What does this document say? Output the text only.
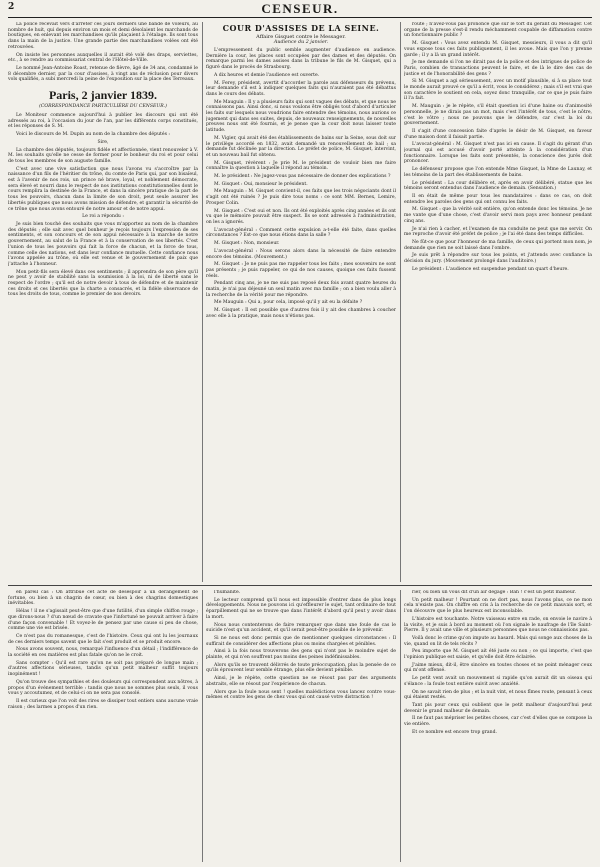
2	CENSEUR.

La police recevait vers d'arrêter ces jours derniers une bande de voleurs, au nombre de huit, qui depuis environ un mois et demi désolaient les marchands de boutiques, en enlevant les marchandises qu'ils plaçaient à l'étalage. Ils sont tous dans la main de la justice. Une grande partie des marchandises volées ont été retrouvées.

On insiste les personnes auxquelles il aurait été volé des draps, serviettes, etc., à se rendre au commissariat central de l'Hôtel-de-Ville.

Le nommé Jean-Antoine Roast, retenue de fièvre, âgé de 34 ans, condamné le 8 décembre dernier, par la cour d'assises, à vingt ans de réclusion pour divers vols qualifiés, a subi mercredi la peine de l'exposition sur la place des Terreaux.

Paris, 2 janvier 1839.
(CORRESPONDANCE PARTICULIÈRE DU CENSEUR.)

Le Moniteur commence aujourd'hui à publier les discours qui ont été adressés au roi, à l'occasion du jour de l'an, par les différents corps constitués, et les réponses de S. M.

Voici le discours de M. Dupin au nom de la chambre des députés :

Sire,

La chambre des députés, toujours fidèle et affectionnée, vient renouveler à V. M. les souhaits qu'elle ne cesse de former pour le bonheur du roi et pour celui de tous les membres de son auguste famille.

C'est avec une vive satisfaction que nous l'avons vu s'accroître par la naissance d'un fils de l'héritier du trône, du comte de Paris qui, par son bisaïeul, est à l'avenir de nos rois, un prince né brave, loyal, et noblement démocrate, sera élevé et nourri dans le respect de nos institutions constitutionnelles dont le cours remplira la destinée de la France, et dans la sincère pratique de la part de tous les pouvoirs, chacun dans la limite de son droit, peut seule assurer les libertés publiques que nous avons mission de défendre, et garantir la sécurité de ce trône que nous avons entouré de notre amour et de notre appui.

Le roi a répondu :

Je suis bien touché des souhaits que vous m'apportez au nom de la chambre des députés ; elle sait avec quel bonheur je reçois toujours l'expression de ses sentiments, et son concours et de son appui nécessaire à la marche de notre gouvernement, au salut de la France et à la conservation de ses libertés. C'est l'union de tous les pouvoirs qui fait la force de chacun, et la force de tous, comme celle des nations, est dans leur confiance mutuelle. Cette confiance nous l'avons appelée au trône, où elle est venue et le gouvernement de paix que j'attache à l'honneur.

Mon petit-fils sera élevé dans ces sentiments ; il apprendra de son père qu'il ne peut y avoir de stabilité sans la soumission à la loi, ni de liberté sans le respect de l'ordre ; qu'il est de notre devoir à tous de défendre et de maintenir ces droits et ces libertés que la charte a consacrés, et la fidèle observance de tous les droits de tous, comme le premier de nos devoirs.

COUR D'ASSISES DE LA SEINE.
Affaire Gisquet contre le Messager.
Audience du 2 janvier.

L'empressement du public semble augmenter d'audience en audience. Dernière la cour, les places sont occupées par des dames et des députés. On remarque parmi les dames assises dans la tribune le fils de M. Gisquet, qui a figuré dans le procès de Strasbourg.

A dix heures et demie l'audience est ouverte.

M. Ferey, président, avertit d'accorder la parole aux défenseurs du prévenu, leur demande s'il est à indiquer quelques faits qui n'auraient pas été débattus dans le cours des débats.

Me Mauguin : Il y a plusieurs faits qui sont vagues des débats, et que nous ne connaissons pas. Ainsi donc, si nous voulons être obligés tout d'abord d'articuler les faits sur lesquels nous voudrions faire entendre des témoins, nous aurions ce jugement qui dans ses suites, depuis, de nouveaux renseignements, de nouvelles preuves nous ont été fournis, et je pense que la cour doit nous laisser toute latitude.

M. Vigier, qui avait été des établissements de bains sur la Seine, sous doit sur le privilège accordé en 1832, avait demandé un renouvellement de bail ; sa demande fut déclinée par la direction. Le préfet de police, M. Gisquet, intervint, et un nouveau bail fut obtenu.

M. Gisquet, révèrent : Je prie M. le président de vouloir bien me faire connaître la question à laquelle il répond au témoin.

M. le président : Ne jugez-vous pas nécessaire de donner des explications ?

M. Gisquet : Oui, monsieur le président.

Me Mauguin : M. Gisquet convient-il, ces faits que les trois négociants dont il s'agit ont été ruinés ? Je puis dire tous noms : ce sont MM. Bernex, Lemire, Prosper Colin.

M. Gisquet : C'est oui et non. Ils ont été exploités après cinq années et ils ont vu que le mémoire pouvait être suspect. Ils se sont adressés à l'administration, on les a ignorés.

L'avocat-général : Comment cette expulsion a-t-elle été faite, dans quelles circonstances ? Est-ce que nous étions dans la salle ?

M. Gisquet : Non, monsieur.

L'avocat-général : Nous serons alors dans la nécessité de faire entendre encore des témoins. (Mouvement.)

M. Gisquet : Je ne puis pas me rappeler tous les faits ; mes souvenirs ne sont pas présents ; je puis rappeler, ce qui de nos causes, quoique ces faits fussent réels.

Pendant cinq ans, je ne me suis pas reposé deux fois avant quatre heures du matin, je n'ai pas déjeuné un seul matin avec ma famille ; on a bien voulu aller à la recherche de la vérité pour me répondre.

Me Mauguin : Qui a, pour cela, imposé qu'il y ait eu la défaite ?

M. Gisquet : Il est possible que d'autres fois il y ait des chambres à coucher avec elle à la pratique, mais nous n'étions pas.

route ; n'avez-vous pas prononcé que sur le tort du gérant du Messager. Cet organe de la presse s'est-il rendu méchamment coupable de diffamation contre un fonctionnaire public ?

M. Gisquet : Vous avez entendu M. Gisquet, messieurs, il vous a dit qu'il vous expose tous ces faits publiquement, il les avoue. Mais que l'on y prenne garde ; il y a là un grand intérêt.

Je me demande si l'on ne dirait pas de la police et des intrigues de police de Paris, combien de transactions peuvent le faire, et de là le dire des cas de justice et de l'honorabilité des gens ?

Si M. Gisquet a agi sérieusement, avec un motif plausible, si à sa place tout le monde aurait prouvé ce qu'il a écrit, vous le considérez ; mais s'il est vrai que son caractère le soutient en cela, soyez donc tranquille, car ce que je puis faire il l'a fait.

M. Mauguin : je le répète, s'il était question ici d'une haine ou d'animosité personnelle, je ne dirais pas un mot, mais c'est l'intérêt de tous, c'est le nôtre, c'est le vôtre ; nous ne pouvons que le défendre, car c'est la loi du gouvernement.

Il s'agit d'une concession faite d'après le désir de M. Gisquet, en faveur d'une maison dont il faisait partie.

L'avocat-général : M. Gisquet n'est pas ici en cause. Il s'agit du gérant d'un journal qui est accusé d'avoir porté atteinte à la considération d'un fonctionnaire. Lorsque les faits sont présentés, la conscience des jurés doit prononcer.

Le défenseur propose que l'on entende Mme Gisquet, la Mme de Launay, et les témoins de la part des établissements de bains.

Le président : La cour délibère et, après en avoir délibéré, statue que les témoins seront entendus dans l'audience de demain. (Sensation.)

Il en était de même pour tous les mandataires : dans ce cas, on doit entendre les paroles des gens qui ont connu les faits.

M. Gisquet : que la vérité soit entière, qu'on entende donc les témoins. Je ne me vante que d'une chose, c'est d'avoir servi mon pays avec honneur pendant cinq ans.

Je n'ai rien à cacher, et l'examen de ma conduite ne peut que me servir. On me reproche d'avoir été préfet de police ; je l'ai été dans des temps difficiles.

Ne fût-ce que pour l'honneur de ma famille, de ceux qui portent mon nom, je demande que rien ne soit laissé dans l'ombre.

Je suis prêt à répondre sur tous les points, et j'attends avec confiance la décision du jury. (Mouvement prolongé dans l'auditoire.)

Le président : L'audience est suspendue pendant un quart d'heure.

en pareil cas : On attribue cet acte de désespoir à un dérangement de fortune, ou bien à un chagrin de cœur, ou bien à des chagrins domestiques inévitables.

Hélas ! il ne s'agissait peut-être que d'une futilité, d'un simple chiffon rouge ; que dirons-nous ? d'un nœud de cravate que l'infortuné ne pouvait arriver à faire d'une façon convenable ! Et voyez-le de pensez par une cause si peu de chose, comme une vie est brisée.

Ce n'est pas du romanesque, c'est de l'histoire. Ceux qui ont lu les journaux de ces derniers temps savent que le fait s'est produit et se produit encore.

Nous avons souvent, nous, remarqué l'influence d'un détail ; l'indifférence de la société en ces matières est plus fatale qu'on ne le croit.

Sans compter : Qu'il est rare qu'on ne soit pas préparé de longue main ; d'autres affections sérieuses, tandis qu'un petit malheur suffit toujours inopinément !

Qu'on trouve des sympathies et des douleurs qui correspondent aux nôtres, à propos d'un événement terrible : tandis que nous ne sommes plus seuls, il vous vous y accoutumez, et de celui-ci on ne sera pas consolé.

Il est curieux que l'on voit des rires se dissiper tout entiers sans aucune vraie raison ; des larmes a propos d'un rien.

l'humanité.

Le lecteur comprend qu'il nous est impossible d'entrer dans de plus longs développements. Nous ne pouvons ici qu'effleurer le sujet, tant ordinaire de tout éparpillement qui ne se trouve que dans l'intérêt d'abord qu'il peut y avoir dans la mort.

Nous nous contenterons de faire remarquer que dans une foule de cas le suicide n'est qu'un accident, et qu'il serait peut-être possible de le prévenir.

Si ne nous est donc permis que de mentionner quelques circonstances : Il suffirait de considérer des affections plus ou moins chargées et pénibles.

Ainsi à la fois nous trouverons des gens qui n'ont pas le moindre sujet de plainte, et qui n'en souffrent pas moins des peines indéfinissables.

Alors qu'ils se trouvent délivrés de toute préoccupation, plus la pensée de ce qu'ils éprouvent leur semble étrange, plus elle devient pénible.

Ainsi, je le répète, cette question ne se résout pas par des arguments abstraits, elle se résout par l'expérience de chacun.

Alors que la foule nous sent ! quelles malédictions vous lancez contre vous-mêmes et contre les gens de chez vous qui ont causé votre distraction !

rier, ou bien un vous dit d'un air dégagé : Bah ! c'est un petit malheur.

Un petit malheur ! Pourtant on ne dort pas, nous l'avons plus, ce ne mon cela n'existe pas. On chiffre en cris à la recherche de ce petit mauvais sort, et l'on découvre que le plus heureux est inconsolable.

L'histoire est touchante. Notre vaisseau entre en rade, on envoie le navire à la visite, et je suis à bord au moment où l'on signale le naufrage de l'île Saint-Pierre. Il y avait une ville et plusieurs personnes que nous ne connaissions pas.

Voilà donc le crime qu'on impute au hasard. Mais qui songe aux choses de la vie, quand on lit de tels récits ?

Peu importe que M. Gisquet ait été juste ou non ; ce qui importe, c'est que l'opinion publique est saisie, et qu'elle doit être éclairée.

J'aime mieux, dit-il, être sincère en toutes choses et ne point ménager ceux qui m'ont offensé.

Le petit vent avait un mouvement si rapide qu'on aurait dit un oiseau qui s'élance : la foule tout entière suivit avec anxiété.

On ne savait rien de plus ; et la nuit vint, et nous fîmes route, pensant à ceux qui étaient restés.

Tant pis pour ceux qui oublient que le petit malheur d'aujourd'hui peut devenir le grand malheur de demain.

Il ne faut pas mépriser les petites choses, car c'est d'elles que se compose la vie entière.

Et ce nombre est encore trop grand.
